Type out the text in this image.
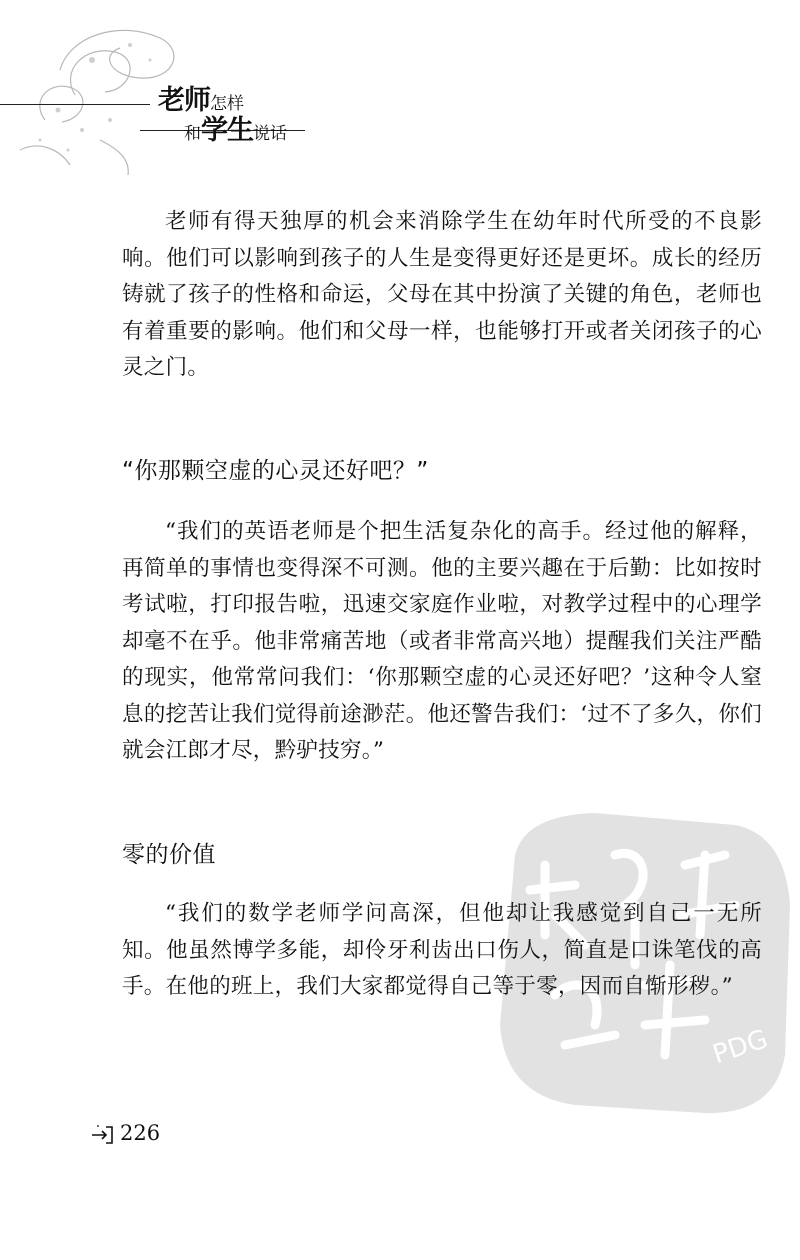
老师怎样
和学生说话
PDG

老师有得天独厚的机会来消除学生在幼年时代所受的不良影响。他们可以影响到孩子的人生是变得更好还是更坏。成长的经历铸就了孩子的性格和命运，父母在其中扮演了关键的角色，老师也有着重要的影响。他们和父母一样，也能够打开或者关闭孩子的心灵之门。

“你那颗空虚的心灵还好吧？”

“我们的英语老师是个把生活复杂化的高手。经过他的解释，再简单的事情也变得深不可测。他的主要兴趣在于后勤：比如按时考试啦，打印报告啦，迅速交家庭作业啦，对教学过程中的心理学却毫不在乎。他非常痛苦地（或者非常高兴地）提醒我们关注严酷的现实，他常常问我们：‘你那颗空虚的心灵还好吧？’这种令人窒息的挖苦让我们觉得前途渺茫。他还警告我们：‘过不了多久，你们就会江郎才尽，黔驴技穷。”

零的价值

“我们的数学老师学问高深，但他却让我感觉到自己一无所知。他虽然博学多能，却伶牙利齿出口伤人，简直是口诛笔伐的高手。在他的班上，我们大家都觉得自己等于零，因而自惭形秽。”

226
